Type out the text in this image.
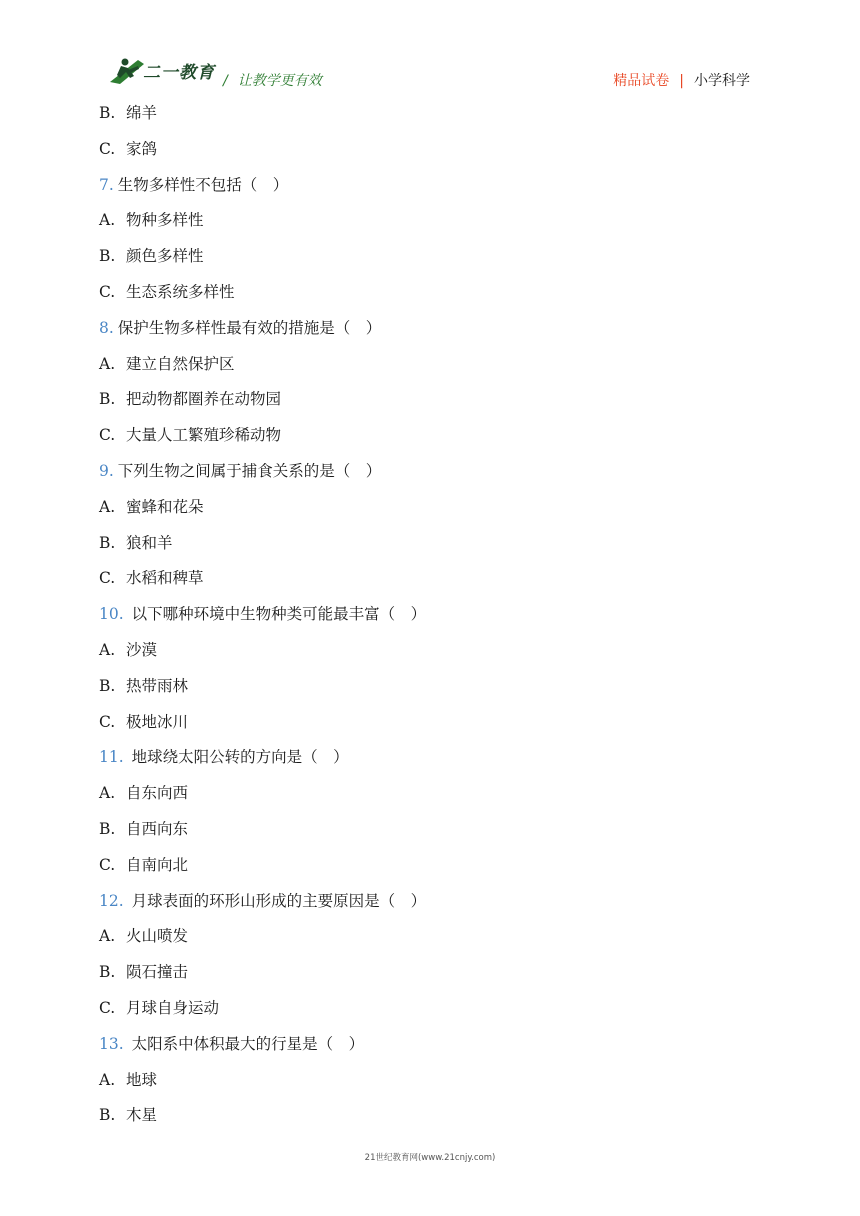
二一教育 / 让教学更有效	精品试卷 | 小学科学
B. 绵羊
C. 家鸽
7. 生物多样性不包括（　）
A. 物种多样性
B. 颜色多样性
C. 生态系统多样性
8. 保护生物多样性最有效的措施是（　）
A. 建立自然保护区
B. 把动物都圈养在动物园
C. 大量人工繁殖珍稀动物
9. 下列生物之间属于捕食关系的是（　）
A. 蜜蜂和花朵
B. 狼和羊
C. 水稻和稗草
10. 以下哪种环境中生物种类可能最丰富（　）
A. 沙漠
B. 热带雨林
C. 极地冰川
11. 地球绕太阳公转的方向是（　）
A. 自东向西
B. 自西向东
C. 自南向北
12. 月球表面的环形山形成的主要原因是（　）
A. 火山喷发
B. 陨石撞击
C. 月球自身运动
13. 太阳系中体积最大的行星是（　）
A. 地球
B. 木星
21世纪教育网(www.21cnjy.com)
